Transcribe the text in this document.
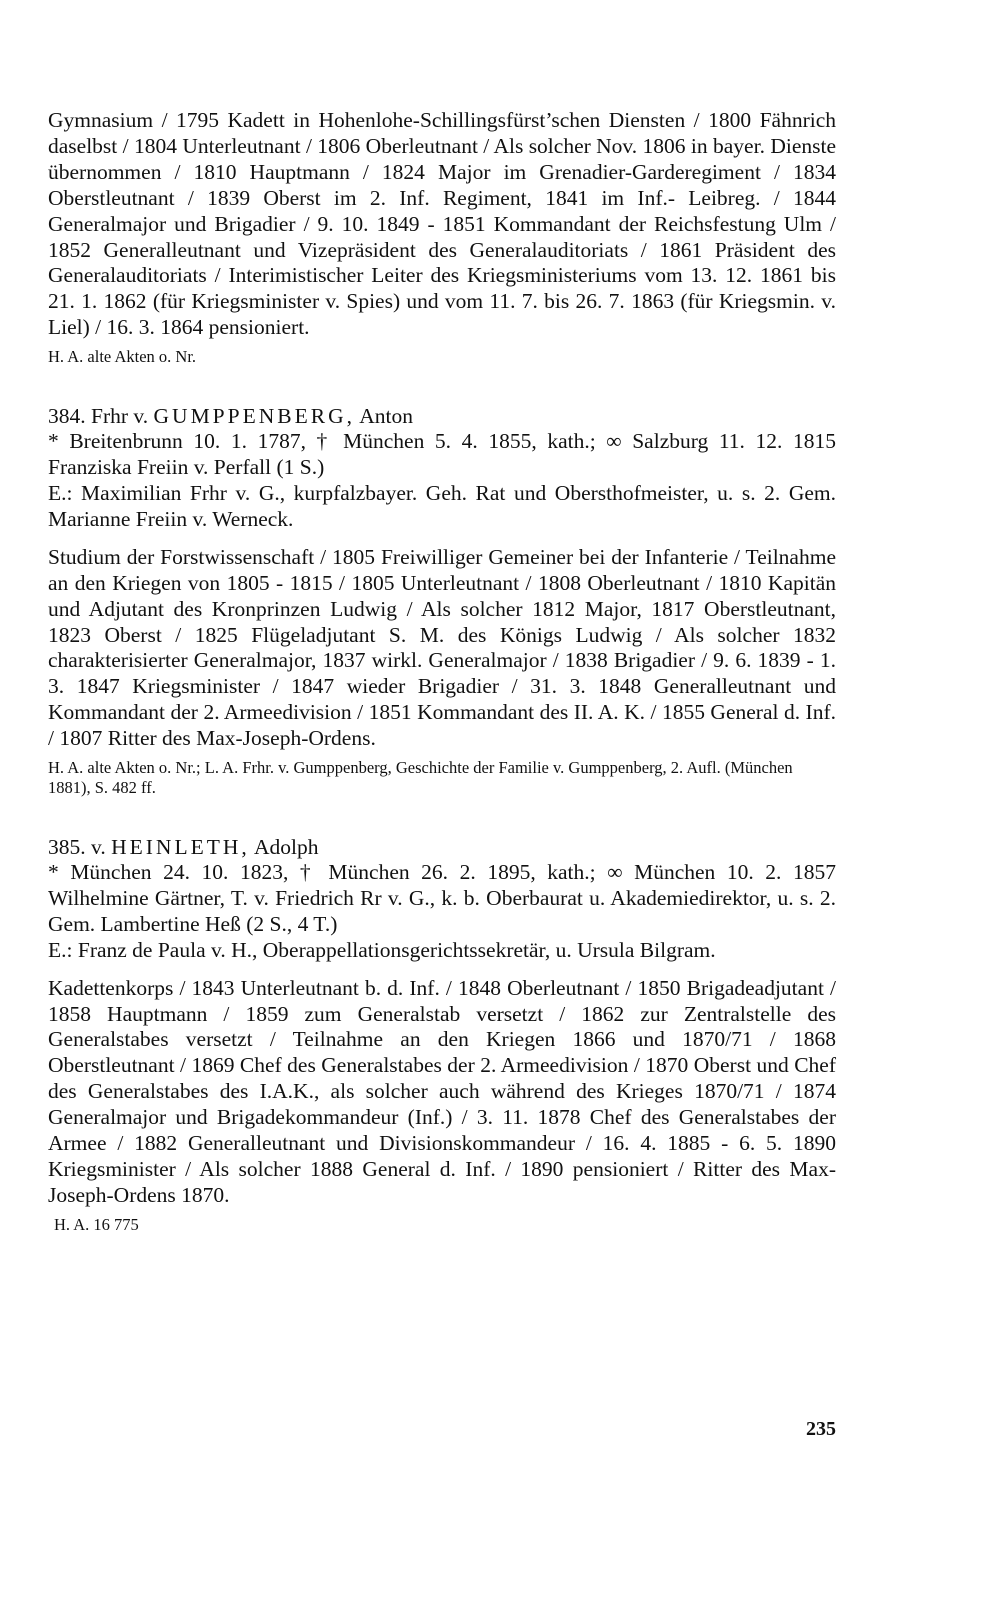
Gymnasium / 1795 Kadett in Hohenlohe-Schillingsfürst’schen Diensten / 1800 Fähnrich daselbst / 1804 Unterleutnant / 1806 Oberleutnant / Als solcher Nov. 1806 in bayer. Dienste übernommen / 1810 Hauptmann / 1824 Major im Grenadier-Garderegiment / 1834 Oberstleutnant / 1839 Oberst im 2. Inf. Regiment, 1841 im Inf.- Leibreg. / 1844 Generalmajor und Brigadier / 9. 10. 1849 - 1851 Kommandant der Reichsfestung Ulm / 1852 Generalleutnant und Vizepräsident des Generalauditoriats / 1861 Präsident des Generalauditoriats / Interimistischer Leiter des Kriegsministeriums vom 13. 12. 1861 bis 21. 1. 1862 (für Kriegsminister v. Spies) und vom 11. 7. bis 26. 7. 1863 (für Kriegsmin. v. Liel) / 16. 3. 1864 pensioniert.

H. A. alte Akten o. Nr.

384. Frhr v. GUMPPENBERG, Anton

* Breitenbrunn 10. 1. 1787, † München 5. 4. 1855, kath.; ∞ Salzburg 11. 12. 1815 Franziska Freiin v. Perfall (1 S.)

E.: Maximilian Frhr v. G., kurpfalzbayer. Geh. Rat und Obersthofmeister, u. s. 2. Gem. Marianne Freiin v. Werneck.

Studium der Forstwissenschaft / 1805 Freiwilliger Gemeiner bei der Infanterie / Teilnahme an den Kriegen von 1805 - 1815 / 1805 Unterleutnant / 1808 Oberleutnant / 1810 Kapitän und Adjutant des Kronprinzen Ludwig / Als solcher 1812 Major, 1817 Oberstleutnant, 1823 Oberst / 1825 Flügeladjutant S. M. des Königs Ludwig / Als solcher 1832 charakterisierter Generalmajor, 1837 wirkl. Generalmajor / 1838 Brigadier / 9. 6. 1839 - 1. 3. 1847 Kriegsminister / 1847 wieder Brigadier / 31. 3. 1848 Generalleutnant und Kommandant der 2. Armeedivision / 1851 Kommandant des II. A. K. / 1855 General d. Inf. / 1807 Ritter des Max-Joseph-Ordens.

H. A. alte Akten o. Nr.; L. A. Frhr. v. Gumppenberg, Geschichte der Familie v. Gumppenberg, 2. Aufl. (München 1881), S. 482 ff.

385. v. HEINLETH, Adolph

* München 24. 10. 1823, † München 26. 2. 1895, kath.; ∞ München 10. 2. 1857 Wilhelmine Gärtner, T. v. Friedrich Rr v. G., k. b. Oberbaurat u. Akademiedirektor, u. s. 2. Gem. Lambertine Heß (2 S., 4 T.)

E.: Franz de Paula v. H., Oberappellationsgerichtssekretär, u. Ursula Bilgram.

Kadettenkorps / 1843 Unterleutnant b. d. Inf. / 1848 Oberleutnant / 1850 Brigadeadjutant / 1858 Hauptmann / 1859 zum Generalstab versetzt / 1862 zur Zentralstelle des Generalstabes versetzt / Teilnahme an den Kriegen 1866 und 1870/71 / 1868 Oberstleutnant / 1869 Chef des Generalstabes der 2. Armeedivision / 1870 Oberst und Chef des Generalstabes des I.A.K., als solcher auch während des Krieges 1870/71 / 1874 Generalmajor und Brigadekommandeur (Inf.) / 3. 11. 1878 Chef des Generalstabes der Armee / 1882 Generalleutnant und Divisionskommandeur / 16. 4. 1885 - 6. 5. 1890 Kriegsminister / Als solcher 1888 General d. Inf. / 1890 pensioniert / Ritter des Max-Joseph-Ordens 1870.

H. A. 16 775

235
